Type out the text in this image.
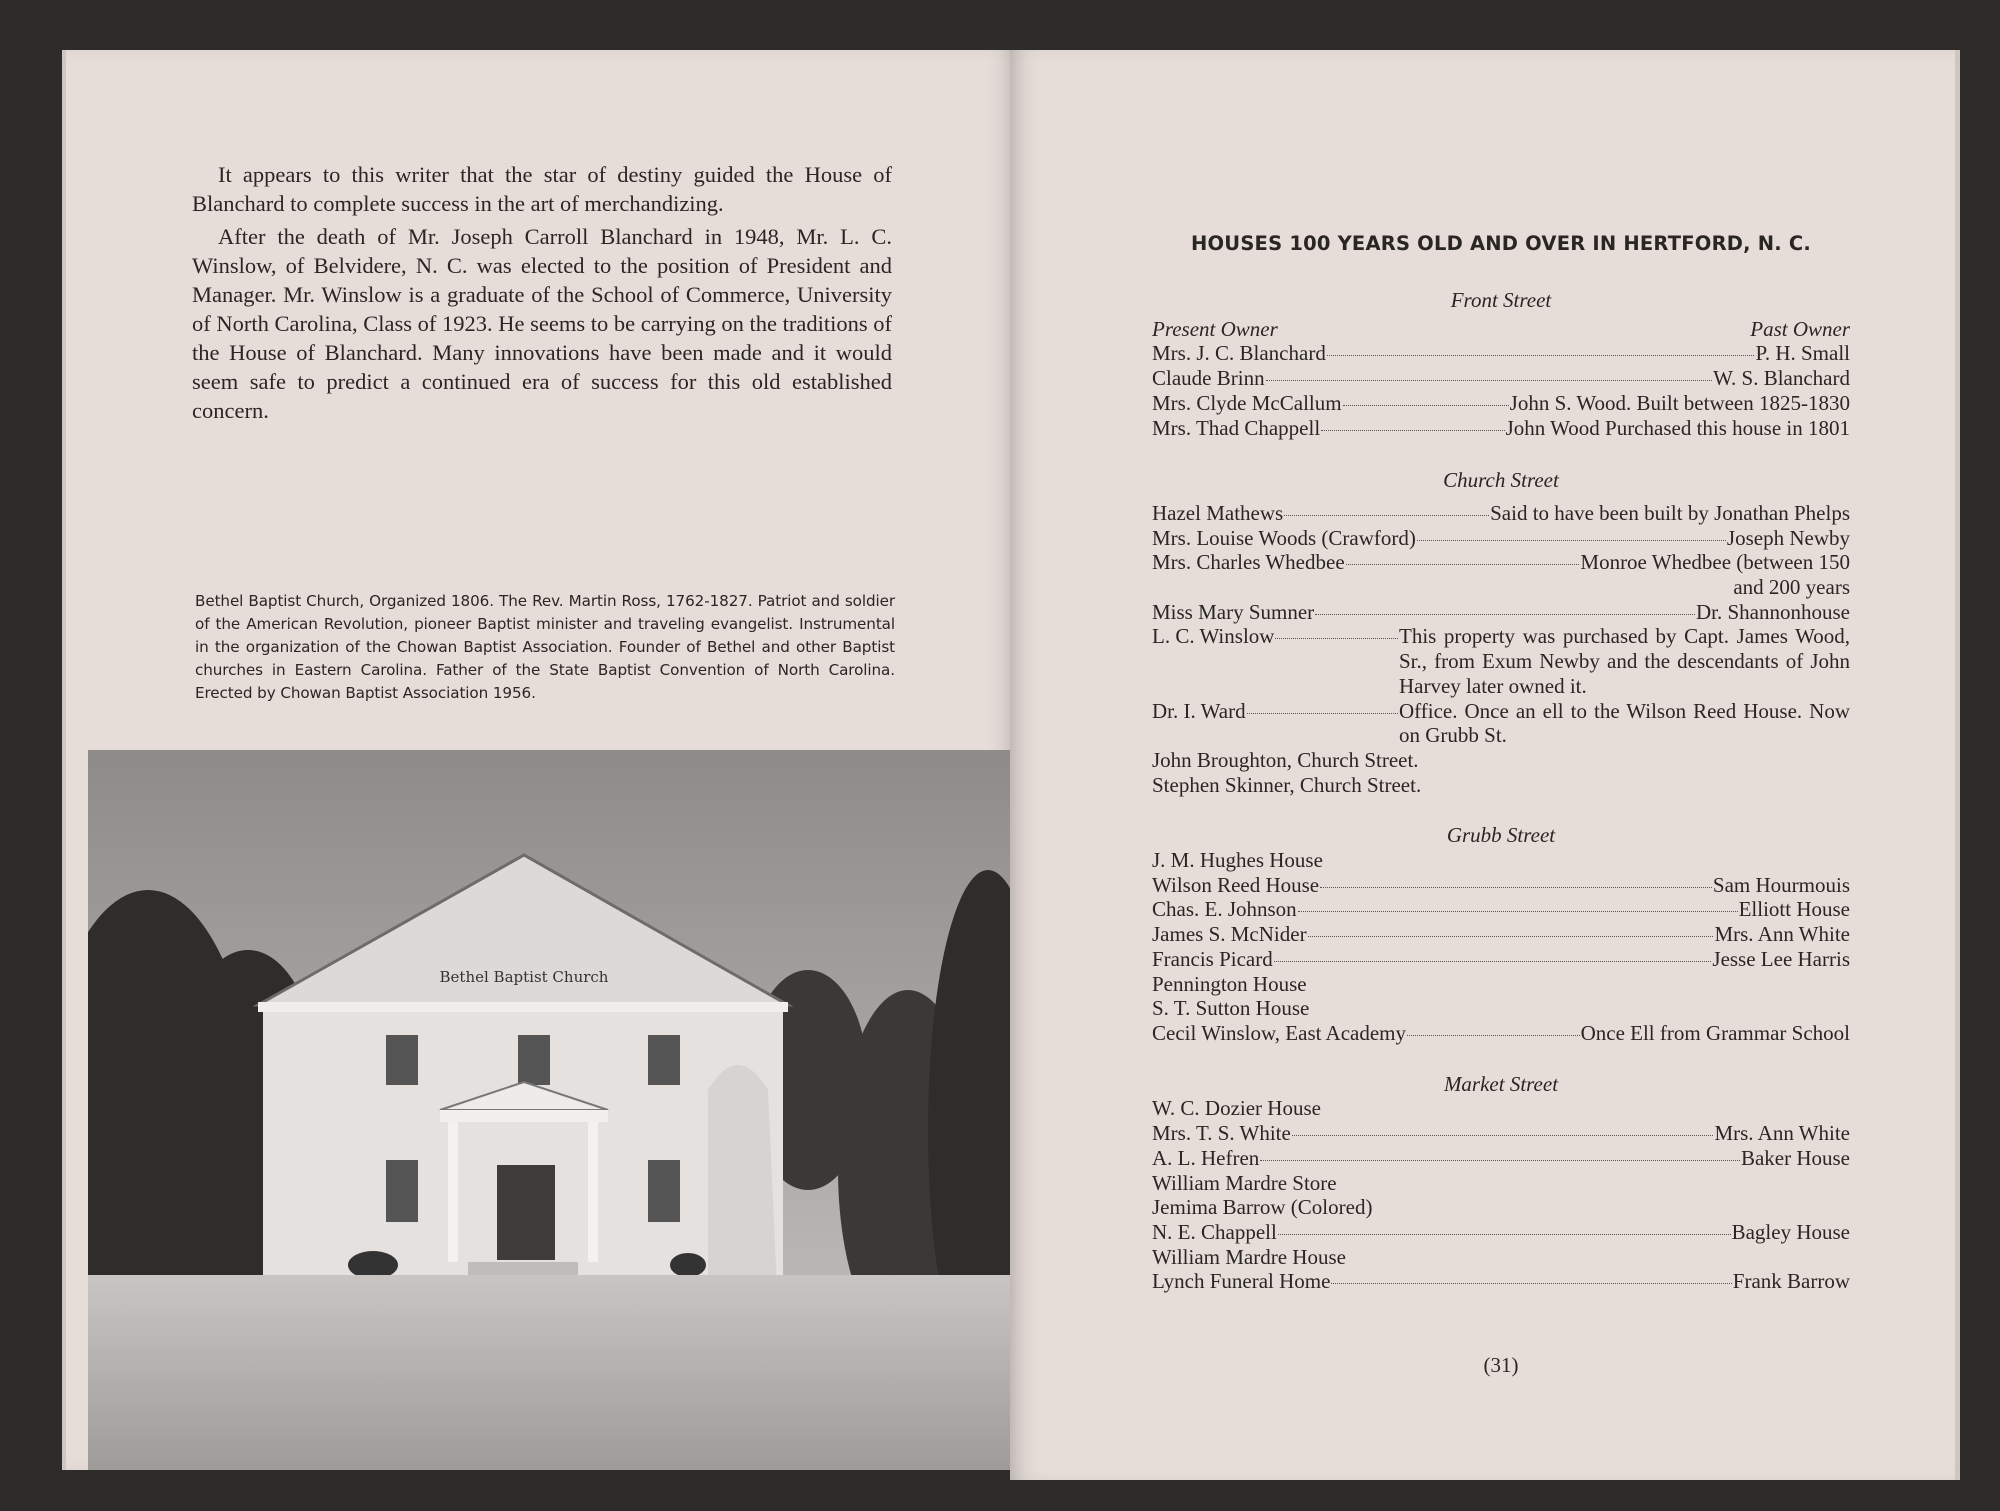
It appears to this writer that the star of destiny guided the House of Blanchard to complete success in the art of merchandizing.

After the death of Mr. Joseph Carroll Blanchard in 1948, Mr. L. C. Winslow, of Belvidere, N. C. was elected to the position of President and Manager. Mr. Winslow is a graduate of the School of Commerce, University of North Carolina, Class of 1923. He seems to be carrying on the traditions of the House of Blanchard. Many innovations have been made and it would seem safe to predict a continued era of success for this old established concern.

Bethel Baptist Church, Organized 1806. The Rev. Martin Ross, 1762-1827. Patriot and soldier of the American Revolution, pioneer Baptist minister and traveling evangelist. Instrumental in the organization of the Chowan Baptist Association. Founder of Bethel and other Baptist churches in Eastern Carolina. Father of the State Baptist Convention of North Carolina. Erected by Chowan Baptist Association 1956.
Bethel Baptist Church
HOUSES 100 YEARS OLD AND OVER IN HERTFORD, N. C.
Front Street
Present Owner	Past Owner
Mrs. J. C. Blanchard	P. H. Small
Claude Brinn	W. S. Blanchard
Mrs. Clyde McCallum	John S. Wood. Built between 1825-1830
Mrs. Thad Chappell	John Wood Purchased this house in 1801
Church Street
Hazel Mathews	Said to have been built by Jonathan Phelps
Mrs. Louise Woods (Crawford)	Joseph Newby
Mrs. Charles Whedbee	Monroe Whedbee (between 150
and 200 years
Miss Mary Sumner	Dr. Shannonhouse
L. C. Winslow	This property was purchased by Capt. James Wood, Sr., from Exum Newby and the descendants of John Harvey later owned it.
Dr. I. Ward	Office. Once an ell to the Wilson Reed House. Now on Grubb St.
John Broughton, Church Street.
Stephen Skinner, Church Street.
Grubb Street
J. M. Hughes House
Wilson Reed House	Sam Hourmouis
Chas. E. Johnson	Elliott House
James S. McNider	Mrs. Ann White
Francis Picard	Jesse Lee Harris
Pennington House
S. T. Sutton House
Cecil Winslow, East Academy	Once Ell from Grammar School
Market Street
W. C. Dozier House
Mrs. T. S. White	Mrs. Ann White
A. L. Hefren	Baker House
William Mardre Store
Jemima Barrow (Colored)
N. E. Chappell	Bagley House
William Mardre House
Lynch Funeral Home	Frank Barrow
(31)
